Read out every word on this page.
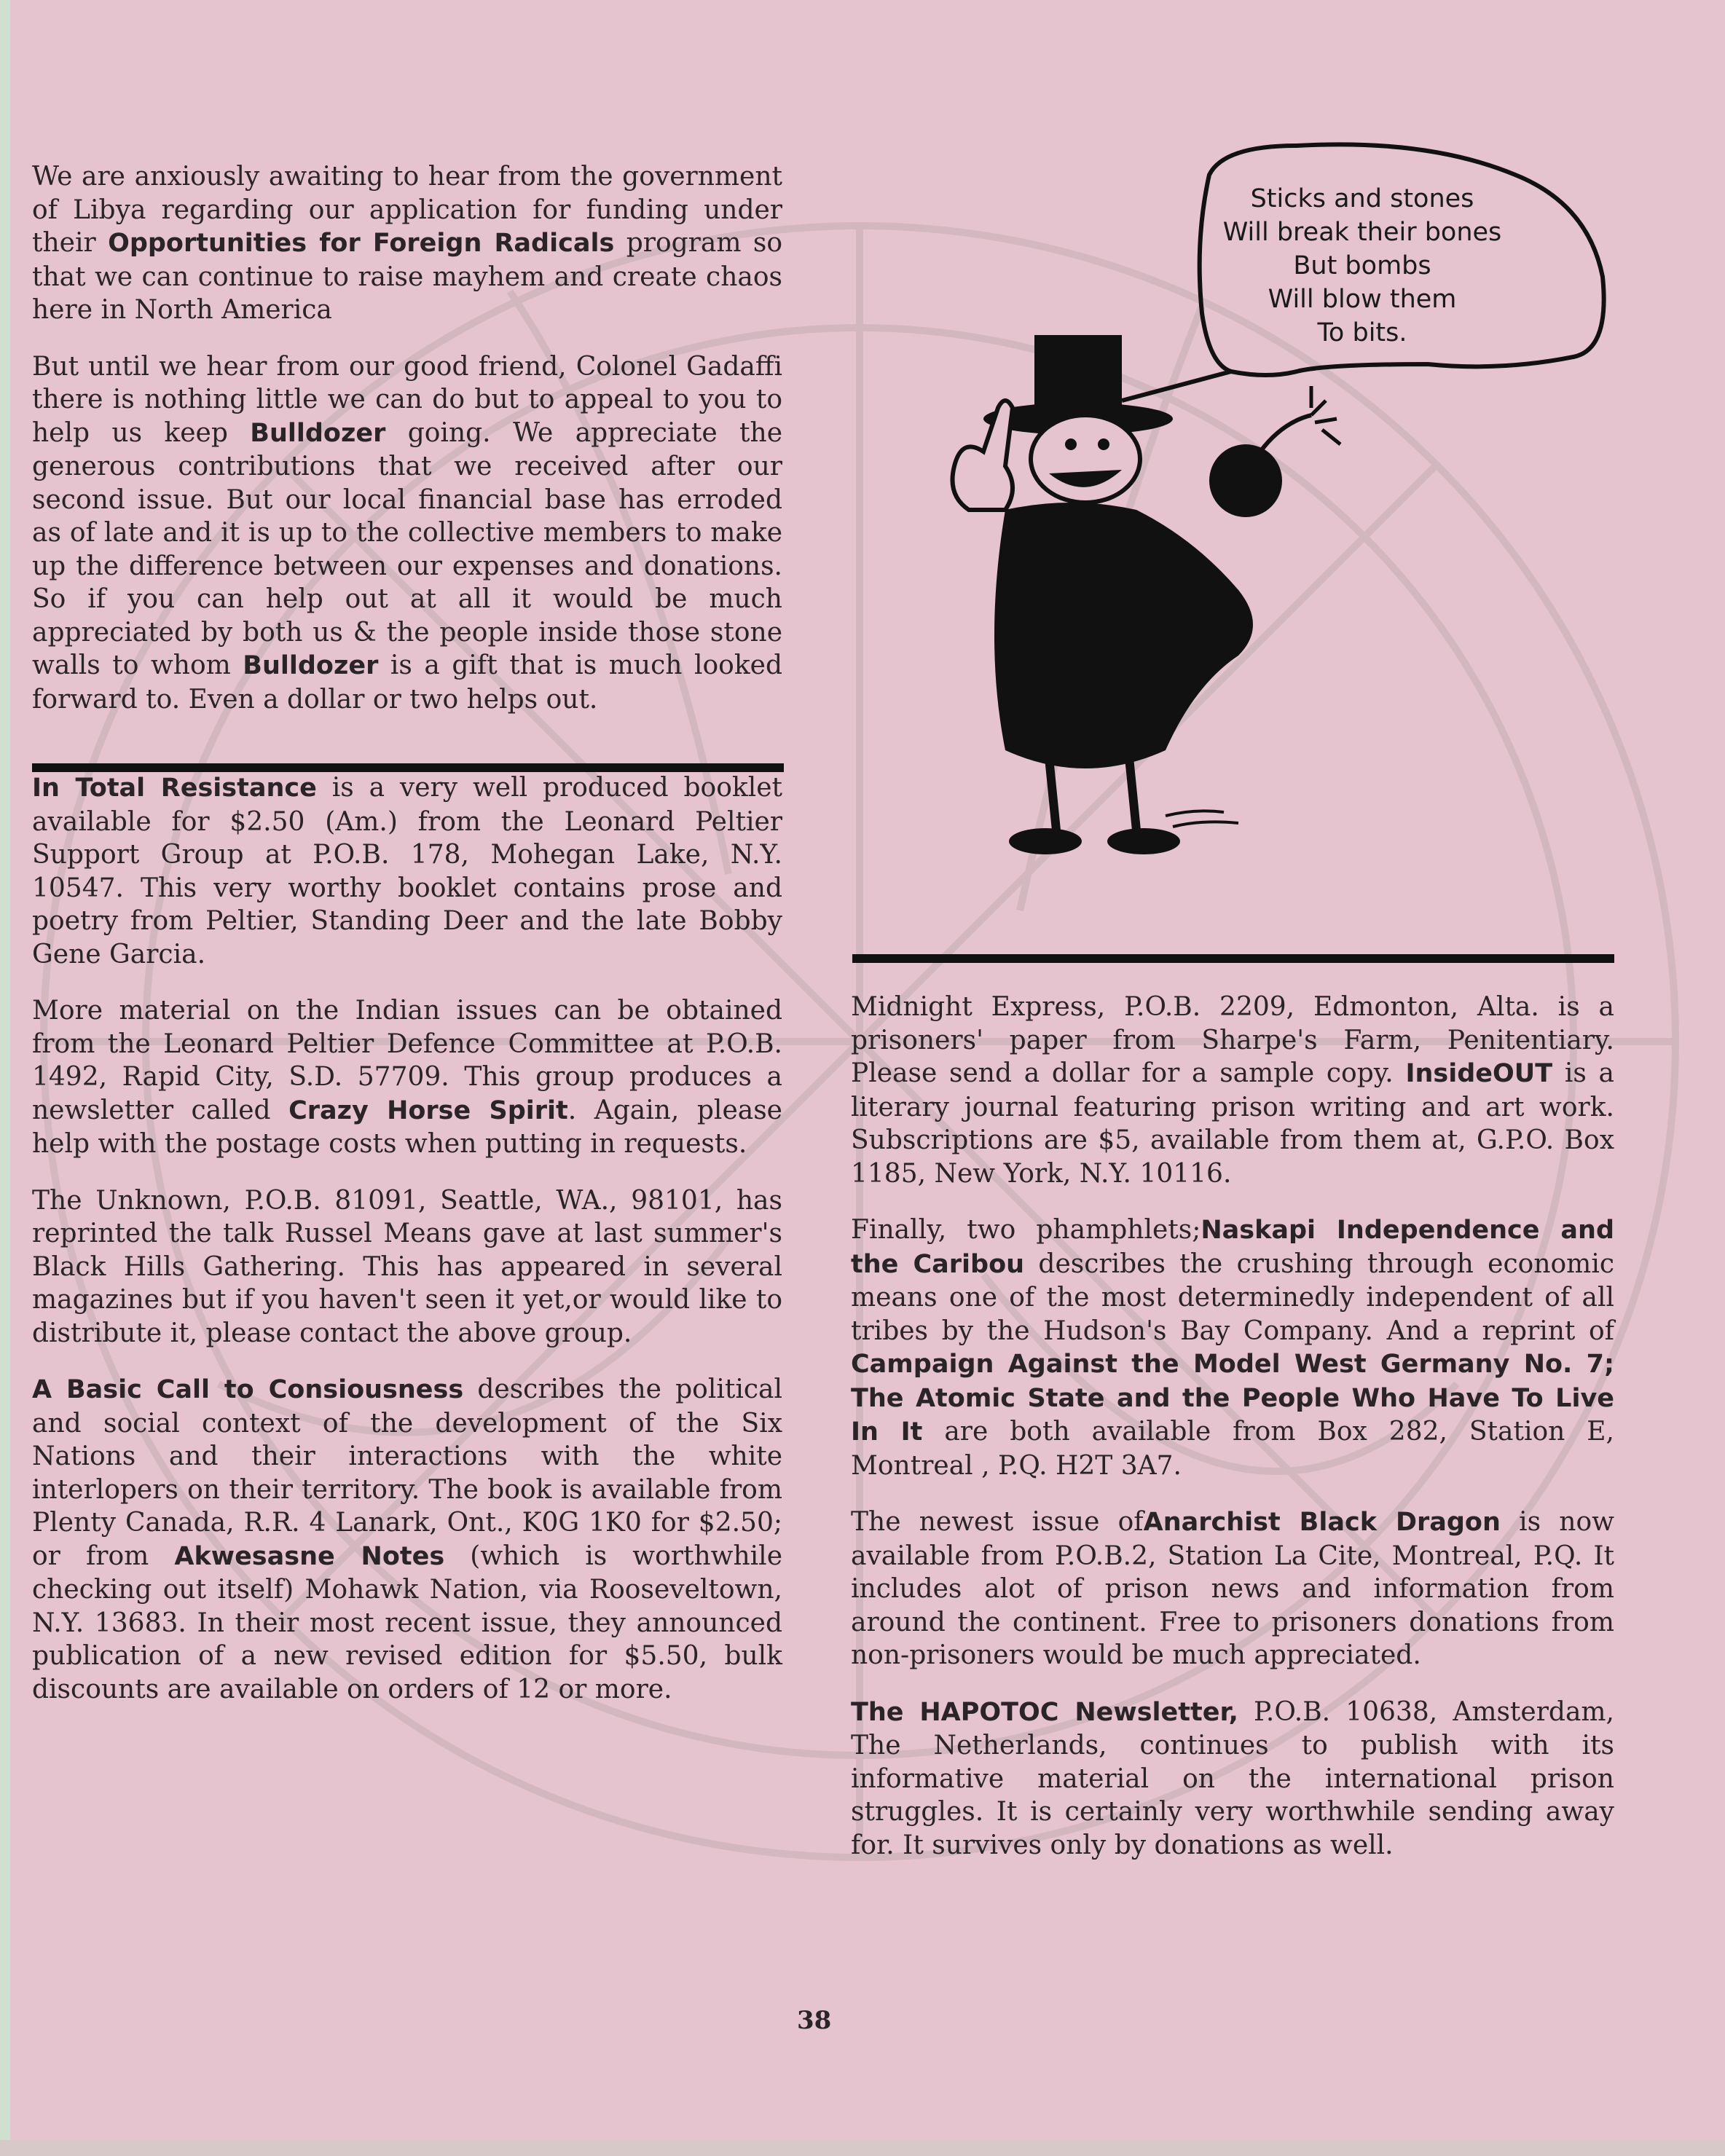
We are anxiously awaiting to hear from the government of Libya regarding our application for funding under their Opportunities for Foreign Radicals program so that we can continue to raise mayhem and create chaos here in North America

But until we hear from our good friend, Colonel Gadaffi there is nothing little we can do but to appeal to you to help us keep Bulldozer going. We appreciate the generous contributions that we received after our second issue. But our local financial base has erroded as of late and it is up to the collective members to make up the difference between our expenses and donations. So if you can help out at all it would be much appreciated by both us & the people inside those stone walls to whom Bulldozer is a gift that is much looked forward to. Even a dollar or two helps out.

In Total Resistance is a very well produced booklet available for $2.50 (Am.) from the Leonard Peltier Support Group at P.O.B. 178, Mohegan Lake, N.Y. 10547. This very worthy booklet contains prose and poetry from Peltier, Standing Deer and the late Bobby Gene Garcia.

More material on the Indian issues can be obtained from the Leonard Peltier Defence Committee at P.O.B. 1492, Rapid City, S.D. 57709. This group produces a newsletter called Crazy Horse Spirit. Again, please help with the postage costs when putting in requests.

The Unknown, P.O.B. 81091, Seattle, WA., 98101, has reprinted the talk Russel Means gave at last summer's Black Hills Gathering. This has appeared in several magazines but if you haven't seen it yet,or would like to distribute it, please contact the above group.

A Basic Call to Consiousness describes the political and social context of the development of the Six Nations and their interactions with the white interlopers on their territory. The book is available from Plenty Canada, R.R. 4 Lanark, Ont., K0G 1K0 for $2.50; or from Akwesasne Notes (which is worthwhile checking out itself) Mohawk Nation, via Rooseveltown, N.Y. 13683. In their most recent issue, they announced publication of a new revised edition for $5.50, bulk discounts are available on orders of 12 or more.

Sticks and stones
Will break their bones
But bombs
Will blow them
To bits.

Midnight Express, P.O.B. 2209, Edmonton, Alta. is a prisoners' paper from Sharpe's Farm, Penitentiary. Please send a dollar for a sample copy. InsideOUT is a literary journal featuring prison writing and art work. Subscriptions are $5, available from them at, G.P.O. Box 1185, New York, N.Y. 10116.

Finally, two phamphlets;Naskapi Independence and the Caribou describes the crushing through economic means one of the most determinedly independent of all tribes by the Hudson's Bay Company. And a reprint of Campaign Against the Model West Germany No. 7; The Atomic State and the People Who Have To Live In It are both available from Box 282, Station E, Montreal , P.Q. H2T 3A7.

The newest issue ofAnarchist Black Dragon is now available from P.O.B.2, Station La Cite, Montreal, P.Q. It includes alot of prison news and information from around the continent. Free to prisoners donations from non-prisoners would be much appreciated.

The HAPOTOC Newsletter, P.O.B. 10638, Amsterdam, The Netherlands, continues to publish with its informative material on the international prison struggles. It is certainly very worthwhile sending away for. It survives only by donations as well.

38
